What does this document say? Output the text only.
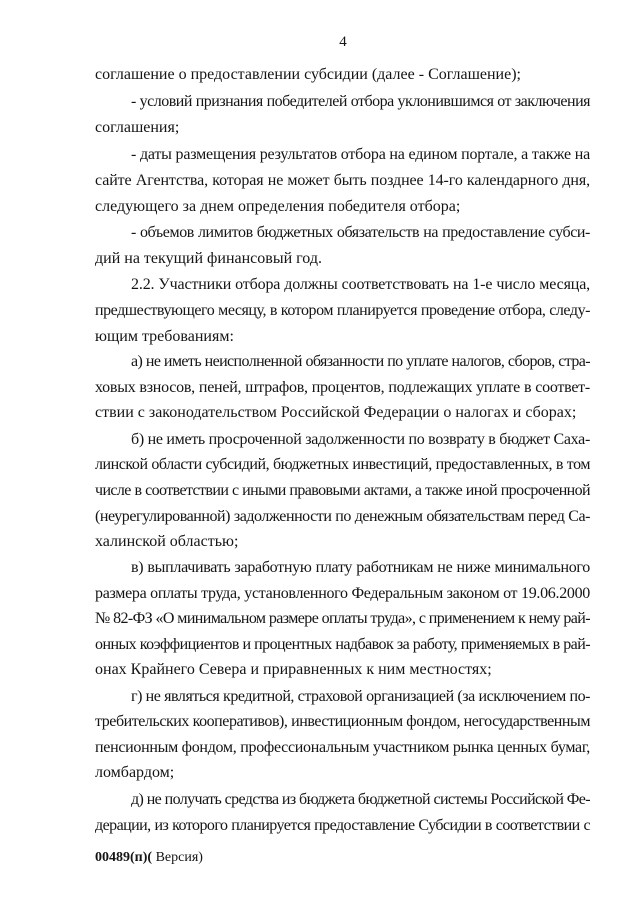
4
соглашение о предоставлении субсидии (далее - Соглашение);
- условий признания победителей отбора уклонившимся от заключения
соглашения;
- даты размещения результатов отбора на едином портале, а также на
сайте Агентства, которая не может быть позднее 14-го календарного дня,
следующего за днем определения победителя отбора;
- объемов лимитов бюджетных обязательств на предоставление субси-
дий на текущий финансовый год.
2.2. Участники отбора должны соответствовать на 1-е число месяца,
предшествующего месяцу, в котором планируется проведение отбора, следу-
ющим требованиям:
а) не иметь неисполненной обязанности по уплате налогов, сборов, стра-
ховых взносов, пеней, штрафов, процентов, подлежащих уплате в соответ-
ствии с законодательством Российской Федерации о налогах и сборах;
б) не иметь просроченной задолженности по возврату в бюджет Саха-
линской области субсидий, бюджетных инвестиций, предоставленных, в том
числе в соответствии с иными правовыми актами, а также иной просроченной
(неурегулированной) задолженности по денежным обязательствам перед Са-
халинской областью;
в) выплачивать заработную плату работникам не ниже минимального
размера оплаты труда, установленного Федеральным законом от 19.06.2000
№ 82-ФЗ «О минимальном размере оплаты труда», с применением к нему рай-
онных коэффициентов и процентных надбавок за работу, применяемых в рай-
онах Крайнего Севера и приравненных к ним местностях;
г) не являться кредитной, страховой организацией (за исключением по-
требительских кооперативов), инвестиционным фондом, негосударственным
пенсионным фондом, профессиональным участником рынка ценных бумаг,
ломбардом;
д) не получать средства из бюджета бюджетной системы Российской Фе-
дерации, из которого планируется предоставление Субсидии в соответствии с
00489(п)( Версия)
